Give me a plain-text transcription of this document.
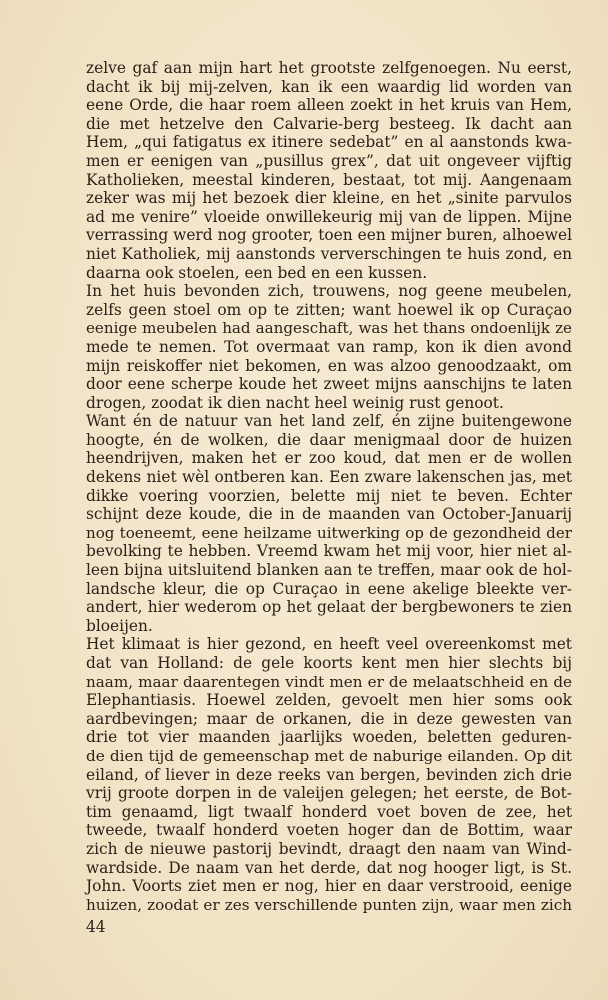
zelve gaf aan mijn hart het grootste zelfgenoegen. Nu eerst,
dacht ik bij mij-zelven, kan ik een waardig lid worden van
eene Orde, die haar roem alleen zoekt in het kruis van Hem,
die met hetzelve den Calvarie-berg besteeg. Ik dacht aan
Hem, „qui fatigatus ex itinere sedebat” en al aanstonds kwa-
men er eenigen van „pusillus grex”, dat uit ongeveer vijftig
Katholieken, meestal kinderen, bestaat, tot mij. Aangenaam
zeker was mij het bezoek dier kleine, en het „sinite parvulos
ad me venire” vloeide onwillekeurig mij van de lippen. Mijne
verrassing werd nog grooter, toen een mijner buren, alhoewel
niet Katholiek, mij aanstonds ververschingen te huis zond, en
daarna ook stoelen, een bed en een kussen.
In het huis bevonden zich, trouwens, nog geene meubelen,
zelfs geen stoel om op te zitten; want hoewel ik op Curaçao
eenige meubelen had aangeschaft, was het thans ondoenlijk ze
mede te nemen. Tot overmaat van ramp, kon ik dien avond
mijn reiskoffer niet bekomen, en was alzoo genoodzaakt, om
door eene scherpe koude het zweet mijns aanschijns te laten
drogen, zoodat ik dien nacht heel weinig rust genoot.
Want én de natuur van het land zelf, én zijne buitengewone
hoogte, én de wolken, die daar menigmaal door de huizen
heendrijven, maken het er zoo koud, dat men er de wollen
dekens niet wèl ontberen kan. Een zware lakenschen jas, met
dikke voering voorzien, belette mij niet te beven. Echter
schijnt deze koude, die in de maanden van October-Januarij
nog toeneemt, eene heilzame uitwerking op de gezondheid der
bevolking te hebben. Vreemd kwam het mij voor, hier niet al-
leen bijna uitsluitend blanken aan te treffen, maar ook de hol-
landsche kleur, die op Curaçao in eene akelige bleekte ver-
andert, hier wederom op het gelaat der bergbewoners te zien
bloeijen.
Het klimaat is hier gezond, en heeft veel overeenkomst met
dat van Holland: de gele koorts kent men hier slechts bij
naam, maar daarentegen vindt men er de melaatschheid en de
Elephantiasis. Hoewel zelden, gevoelt men hier soms ook
aardbevingen; maar de orkanen, die in deze gewesten van
drie tot vier maanden jaarlijks woeden, beletten geduren-
de dien tijd de gemeenschap met de naburige eilanden. Op dit
eiland, of liever in deze reeks van bergen, bevinden zich drie
vrij groote dorpen in de valeijen gelegen; het eerste, de Bot-
tim genaamd, ligt twaalf honderd voet boven de zee, het
tweede, twaalf honderd voeten hoger dan de Bottim, waar
zich de nieuwe pastorij bevindt, draagt den naam van Wind-
wardside. De naam van het derde, dat nog hooger ligt, is St.
John. Voorts ziet men er nog, hier en daar verstrooid, eenige
huizen, zoodat er zes verschillende punten zijn, waar men zich
44
